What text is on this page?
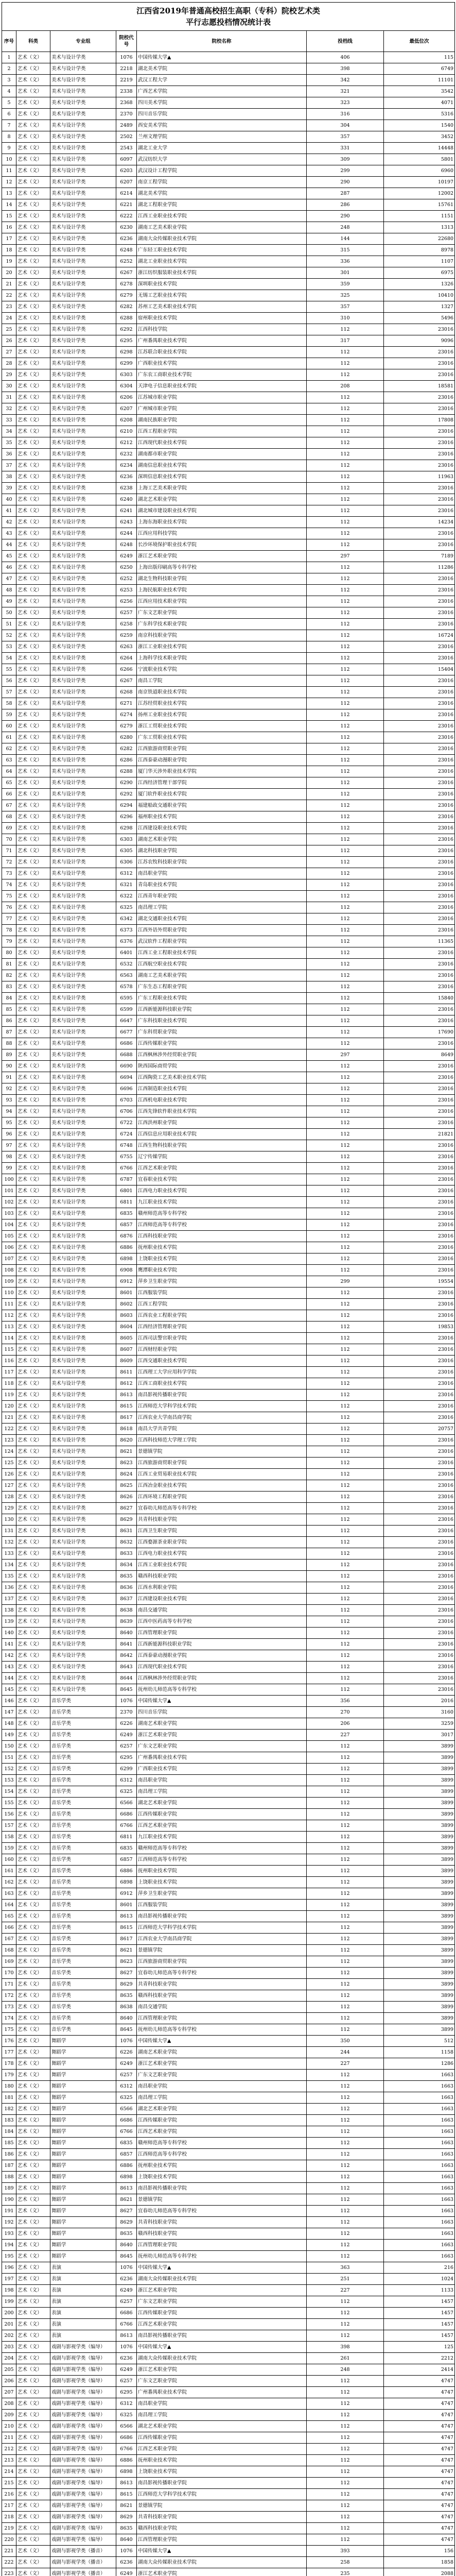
江西省2019年普通高校招生高职（专科）院校艺术类
平行志愿投档情况统计表						

序号	科类	专业组	院校代号	院校名称	投档线	最低位次
1	艺术（文）	美术与设计学类	1076	中国传媒大学▲	406	115
2	艺术（文）	美术与设计学类	2218	湖北美术学院	398	6749
3	艺术（文）	美术与设计学类	2219	武汉工程大学	342	11101
4	艺术（文）	美术与设计学类	2338	广西艺术学院	321	3542
5	艺术（文）	美术与设计学类	2368	四川美术学院	323	4071
6	艺术（文）	美术与设计学类	2370	四川音乐学院	316	5316
7	艺术（文）	美术与设计学类	2489	西安美术学院	304	1540
8	艺术（文）	美术与设计学类	2502	兰州文理学院	357	3452
9	艺术（文）	美术与设计学类	2543	湖北工业大学	331	14448
10	艺术（文）	美术与设计学类	6097	武汉纺织大学	309	5801
11	艺术（文）	美术与设计学类	6203	武汉设计工程学院	299	6960
12	艺术（文）	美术与设计学类	6207	南京工程学院	290	10197
13	艺术（文）	美术与设计学类	6214	湖北美术学院	287	12002
14	艺术（文）	美术与设计学类	6221	湖北工程职业学院	286	15761
15	艺术（文）	美术与设计学类	6222	江西工业职业技术学院	290	1151
16	艺术（文）	美术与设计学类	6230	湖南工艺美术职业学院	248	1313
17	艺术（文）	美术与设计学类	6236	湖南大众传媒职业技术学院	144	22680
18	艺术（文）	美术与设计学类	6248	广东轻工职业技术学院	315	8978
19	艺术（文）	美术与设计学类	6252	湖北工业职业技术学院	336	1107
20	艺术（文）	美术与设计学类	6267	浙江纺织服装职业技术学院	301	6975
21	艺术（文）	美术与设计学类	6278	深圳职业技术学院	359	1326
22	艺术（文）	美术与设计学类	6279	无锡工艺职业技术学院	325	10410
23	艺术（文）	美术与设计学类	6282	苏州工艺美术职业技术学院	357	1327
24	艺术（文）	美术与设计学类	6288	宿州职业技术学院	310	5496
25	艺术（文）	美术与设计学类	6292	江西科技学院	112	23016
26	艺术（文）	美术与设计学类	6295	广州番禺职业技术学院	317	9096
27	艺术（文）	美术与设计学类	6298	江苏联合职业技术学院	112	23016
28	艺术（文）	美术与设计学类	6299	广西职业技术学院	112	23016
29	艺术（文）	美术与设计学类	6303	广东农工商职业技术学院	112	23016
30	艺术（文）	美术与设计学类	6304	天津电子信息职业技术学院	208	18581
31	艺术（文）	美术与设计学类	6206	江苏城市职业学院	112	23016
32	艺术（文）	美术与设计学类	6207	广州城市职业学院	112	23016
33	艺术（文）	美术与设计学类	6208	湖南民族职业学院	112	17808
34	艺术（文）	美术与设计学类	6210	江西工程职业学院	112	23016
35	艺术（文）	美术与设计学类	6212	江西现代职业技术学院	112	23016
36	艺术（文）	美术与设计学类	6232	湖南都市职业学院	112	23016
37	艺术（文）	美术与设计学类	6234	湖南信息职业技术学院	112	23016
38	艺术（文）	美术与设计学类	6236	深圳信息职业技术学院	112	11963
39	艺术（文）	美术与设计学类	6238	上海工艺美术职业学院	112	23016
40	艺术（文）	美术与设计学类	6240	湖北艺术职业学院	112	23016
41	艺术（文）	美术与设计学类	6241	湖北城市建设职业技术学院	112	23016
42	艺术（文）	美术与设计学类	6243	上海东海职业技术学院	112	14234
43	艺术（文）	美术与设计学类	6244	江西应用科技学院	112	23016
44	艺术（文）	美术与设计学类	6248	长沙环境保护职业技术学院	112	23016
45	艺术（文）	美术与设计学类	6249	浙江艺术职业学院	297	7189
46	艺术（文）	美术与设计学类	6250	上海出版印刷高等专科学校	112	11286
47	艺术（文）	美术与设计学类	6252	湖北生物科技职业学院	112	23016
48	艺术（文）	美术与设计学类	6253	上海民航职业技术学院	112	23016
49	艺术（文）	美术与设计学类	6256	江西应用技术职业学院	112	23016
50	艺术（文）	美术与设计学类	6257	广东文艺职业学院	112	23016
51	艺术（文）	美术与设计学类	6258	广东科学技术职业学院	112	23016
52	艺术（文）	美术与设计学类	6259	南京科技职业学院	112	16724
53	艺术（文）	美术与设计学类	6263	浙江工业职业技术学院	112	23016
54	艺术（文）	美术与设计学类	6264	上海科学技术职业学院	112	23016
55	艺术（文）	美术与设计学类	6266	宁波职业技术学院	112	15404
56	艺术（文）	美术与设计学类	6267	南昌工学院	112	23016
57	艺术（文）	美术与设计学类	6268	南京铁道职业技术学院	112	23016
58	艺术（文）	美术与设计学类	6271	江苏经贸职业技术学院	112	23016
59	艺术（文）	美术与设计学类	6274	扬州工业职业技术学院	112	23016
60	艺术（文）	美术与设计学类	6279	浙江工贸职业技术学院	112	23016
61	艺术（文）	美术与设计学类	6280	广东工贸职业技术学院	112	23016
62	艺术（文）	美术与设计学类	6282	江西旅游商贸职业学院	112	23016
63	艺术（文）	美术与设计学类	6286	江西泰豪动漫职业学院	112	23016
64	艺术（文）	美术与设计学类	6288	厦门华天涉外职业技术学院	112	23016
65	艺术（文）	美术与设计学类	6290	江西经济管理干部学院	112	23016
66	艺术（文）	美术与设计学类	6292	厦门软件职业技术学院	112	23016
67	艺术（文）	美术与设计学类	6294	福建船政交通职业学院	112	23016
68	艺术（文）	美术与设计学类	6296	福州职业技术学院	112	23016
69	艺术（文）	美术与设计学类	6298	江西建设职业技术学院	112	23016
70	艺术（文）	美术与设计学类	6303	湖南艺术职业学院	112	23016
71	艺术（文）	美术与设计学类	6305	湖北科技职业学院	112	23016
72	艺术（文）	美术与设计学类	6306	江苏农牧科技职业学院	112	23016
73	艺术（文）	美术与设计学类	6312	南昌职业学院	112	23016
74	艺术（文）	美术与设计学类	6321	青岛职业技术学院	112	23016
75	艺术（文）	美术与设计学类	6322	江西青年职业学院	112	23016
76	艺术（文）	美术与设计学类	6325	南昌理工学院	112	23016
77	艺术（文）	美术与设计学类	6342	湖北交通职业技术学院	112	23016
78	艺术（文）	美术与设计学类	6373	江西外语外贸职业学院	112	23016
79	艺术（文）	美术与设计学类	6376	武汉软件工程职业学院	112	11365
80	艺术（文）	美术与设计学类	6401	江西工业工程职业技术学院	112	23016
81	艺术（文）	美术与设计学类	6532	江西航空职业技术学院	112	23016
82	艺术（文）	美术与设计学类	6563	湖南工艺美术职业学院	112	23016
83	艺术（文）	美术与设计学类	6578	广东生态工程职业学院	112	23016
84	艺术（文）	美术与设计学类	6595	广东工程职业技术学院	112	15840
85	艺术（文）	美术与设计学类	6599	江西新能源科技职业学院	112	23016
86	艺术（文）	美术与设计学类	6647	广东科技职业技术学院	112	23016
87	艺术（文）	美术与设计学类	6677	广东科贸职业学院	112	17690
88	艺术（文）	美术与设计学类	6686	江西传媒职业学院	112	23016
89	艺术（文）	美术与设计学类	6688	江西枫林涉外经贸职业学院	297	8649
90	艺术（文）	美术与设计学类	6690	陕西国际商贸学院	112	23016
91	艺术（文）	美术与设计学类	6694	江西陶瓷工艺美术职业技术学院	112	23016
92	艺术（文）	美术与设计学类	6696	江西制造职业技术学院	112	23016
93	艺术（文）	美术与设计学类	6703	江西机电职业技术学院	112	23016
94	艺术（文）	美术与设计学类	6706	江西先锋软件职业技术学院	112	23016
95	艺术（文）	美术与设计学类	6722	江西洪州职业学院	112	23016
96	艺术（文）	美术与设计学类	6724	江西信息应用职业技术学院	112	21821
97	艺术（文）	美术与设计学类	6748	江西生物科技职业学院	112	23016
98	艺术（文）	美术与设计学类	6755	辽宁传媒学院	112	23016
99	艺术（文）	美术与设计学类	6766	江西艺术职业学院	112	23016
100	艺术（文）	美术与设计学类	6787	宜春职业技术学院	112	23016
101	艺术（文）	美术与设计学类	6801	江西电力职业技术学院	112	23016
102	艺术（文）	美术与设计学类	6811	九江职业技术学院	112	23016
103	艺术（文）	美术与设计学类	6835	赣州师范高等专科学校	112	23016
104	艺术（文）	美术与设计学类	6857	江西师范高等专科学校	112	23016
105	艺术（文）	美术与设计学类	6876	江西科技职业学院	112	23016
106	艺术（文）	美术与设计学类	6886	抚州职业技术学院	112	23016
107	艺术（文）	美术与设计学类	6898	上饶职业技术学院	112	23016
108	艺术（文）	美术与设计学类	6908	鹰潭职业技术学院	112	23016
109	艺术（文）	美术与设计学类	6912	萍乡卫生职业学院	299	19554
110	艺术（文）	美术与设计学类	8601	江西服装学院	112	23016
111	艺术（文）	美术与设计学类	8602	江西工程学院	112	23016
112	艺术（文）	美术与设计学类	8603	江西农业工程职业学院	112	23016
113	艺术（文）	美术与设计学类	8604	江西经济管理职业学院	112	19853
114	艺术（文）	美术与设计学类	8605	江西司法警官职业学院	112	23016
115	艺术（文）	美术与设计学类	8607	江西财经职业学院	112	23016
116	艺术（文）	美术与设计学类	8609	江西交通职业技术学院	112	23016
117	艺术（文）	美术与设计学类	8611	江西理工大学应用科学学院	112	23016
118	艺术（文）	美术与设计学类	8612	江西工商职业技术学院	112	23016
119	艺术（文）	美术与设计学类	8613	南昌影视传播职业学院	112	23016
120	艺术（文）	美术与设计学类	8615	江西师范大学科学技术学院	112	23016
121	艺术（文）	美术与设计学类	8617	江西农业大学南昌商学院	112	23016
122	艺术（文）	美术与设计学类	8618	南昌大学共青学院	112	20757
123	艺术（文）	美术与设计学类	8620	江西科技师范大学理工学院	112	23016
124	艺术（文）	美术与设计学类	8621	景德镇学院	112	23016
125	艺术（文）	美术与设计学类	8623	江西旅游商贸职业学院	112	23016
126	艺术（文）	美术与设计学类	8624	江西工业贸易职业技术学院	112	23016
127	艺术（文）	美术与设计学类	8625	江西冶金职业技术学院	112	23016
128	艺术（文）	美术与设计学类	8626	江西环境工程职业学院	112	23016
129	艺术（文）	美术与设计学类	8627	宜春幼儿师范高等专科学校	112	23016
130	艺术（文）	美术与设计学类	8629	共青科技职业学院	112	23016
131	艺术（文）	美术与设计学类	8631	江西卫生职业学院	112	23016
132	艺术（文）	美术与设计学类	8632	江西婺源茶业职业学院	112	23016
133	艺术（文）	美术与设计学类	8633	江西电力职业技术学院	112	23016
134	艺术（文）	美术与设计学类	8634	江西工业职业技术学院	112	23016
135	艺术（文）	美术与设计学类	8635	赣西科技职业学院	112	23016
136	艺术（文）	美术与设计学类	8636	江西水利职业学院	112	23016
137	艺术（文）	美术与设计学类	8637	江西建设职业技术学院	112	23016
138	艺术（文）	美术与设计学类	8638	南昌交通学院	112	23016
139	艺术（文）	美术与设计学类	8639	江西中医药高等专科学校	112	23016
140	艺术（文）	美术与设计学类	8640	江西管理职业学院	112	23016
141	艺术（文）	美术与设计学类	8641	江西新能源科技职业学院	112	23016
142	艺术（文）	美术与设计学类	8642	江西泰豪动漫职业学院	112	23016
143	艺术（文）	美术与设计学类	8643	江西现代职业技术学院	112	23016
144	艺术（文）	美术与设计学类	8644	江西枫林涉外经贸职业学院	112	23016
145	艺术（文）	美术与设计学类	8645	抚州幼儿师范高等专科学校	112	23016
146	艺术（文）	音乐学类	1076	中国传媒大学▲	356	2016
147	艺术（文）	音乐学类	2370	四川音乐学院	270	3160
148	艺术（文）	音乐学类	6226	湖南艺术职业学院	206	3259
149	艺术（文）	音乐学类	6249	浙江艺术职业学院	227	3017
150	艺术（文）	音乐学类	6257	广东文艺职业学院	112	3899
151	艺术（文）	音乐学类	6295	广州番禺职业技术学院	112	3899
152	艺术（文）	音乐学类	6299	广西职业技术学院	112	3899
153	艺术（文）	音乐学类	6312	南昌职业学院	112	3899
154	艺术（文）	音乐学类	6325	南昌理工学院	112	3899
155	艺术（文）	音乐学类	6566	湖北艺术职业学院	112	3899
156	艺术（文）	音乐学类	6686	江西传媒职业学院	112	3899
157	艺术（文）	音乐学类	6766	江西艺术职业学院	112	3899
158	艺术（文）	音乐学类	6811	九江职业技术学院	112	3899
159	艺术（文）	音乐学类	6835	赣州师范高等专科学校	112	3899
160	艺术（文）	音乐学类	6857	江西师范高等专科学校	112	3899
161	艺术（文）	音乐学类	6886	抚州职业技术学院	112	3899
162	艺术（文）	音乐学类	6898	上饶职业技术学院	112	3899
163	艺术（文）	音乐学类	6912	萍乡卫生职业学院	112	3899
164	艺术（文）	音乐学类	8601	江西服装学院	112	3899
165	艺术（文）	音乐学类	8613	南昌影视传播职业学院	112	3899
166	艺术（文）	音乐学类	8615	江西师范大学科学技术学院	112	3899
167	艺术（文）	音乐学类	8617	江西农业大学南昌商学院	112	3899
168	艺术（文）	音乐学类	8621	景德镇学院	112	3899
169	艺术（文）	音乐学类	8623	江西旅游商贸职业学院	112	3899
170	艺术（文）	音乐学类	8627	宜春幼儿师范高等专科学校	112	3899
171	艺术（文）	音乐学类	8629	共青科技职业学院	112	3899
172	艺术（文）	音乐学类	8635	赣西科技职业学院	112	3899
173	艺术（文）	音乐学类	8638	南昌交通学院	112	3899
174	艺术（文）	音乐学类	8640	江西管理职业学院	112	3899
175	艺术（文）	音乐学类	8645	抚州幼儿师范高等专科学校	112	3899
176	艺术（文）	舞蹈学	1076	中国传媒大学▲	350	512
177	艺术（文）	舞蹈学	6226	湖南艺术职业学院	244	1158
178	艺术（文）	舞蹈学	6249	浙江艺术职业学院	227	1286
179	艺术（文）	舞蹈学	6257	广东文艺职业学院	112	1663
180	艺术（文）	舞蹈学	6312	南昌职业学院	112	1663
181	艺术（文）	舞蹈学	6325	南昌理工学院	112	1663
182	艺术（文）	舞蹈学	6566	湖北艺术职业学院	112	1663
183	艺术（文）	舞蹈学	6686	江西传媒职业学院	112	1663
184	艺术（文）	舞蹈学	6766	江西艺术职业学院	112	1663
185	艺术（文）	舞蹈学	6835	赣州师范高等专科学校	112	1663
186	艺术（文）	舞蹈学	6857	江西师范高等专科学校	112	1663
187	艺术（文）	舞蹈学	6886	抚州职业技术学院	112	1663
188	艺术（文）	舞蹈学	6898	上饶职业技术学院	112	1663
189	艺术（文）	舞蹈学	8613	南昌影视传播职业学院	112	1663
190	艺术（文）	舞蹈学	8621	景德镇学院	112	1663
191	艺术（文）	舞蹈学	8627	宜春幼儿师范高等专科学校	112	1663
192	艺术（文）	舞蹈学	8629	共青科技职业学院	112	1663
193	艺术（文）	舞蹈学	8635	赣西科技职业学院	112	1663
194	艺术（文）	舞蹈学	8640	江西管理职业学院	112	1663
195	艺术（文）	舞蹈学	8645	抚州幼儿师范高等专科学校	112	1663
196	艺术（文）	表演	1076	中国传媒大学▲	363	216
197	艺术（文）	表演	6236	湖南大众传媒职业技术学院	251	1024
198	艺术（文）	表演	6249	浙江艺术职业学院	227	1133
199	艺术（文）	表演	6257	广东文艺职业学院	112	1457
200	艺术（文）	表演	6686	江西传媒职业学院	112	1457
201	艺术（文）	表演	6766	江西艺术职业学院	112	1457
202	艺术（文）	表演	8613	南昌影视传播职业学院	112	1457
203	艺术（文）	戏剧与影视学类（编导）	1076	中国传媒大学▲	398	125
204	艺术（文）	戏剧与影视学类（编导）	6236	湖南大众传媒职业技术学院	261	2212
205	艺术（文）	戏剧与影视学类（编导）	6249	浙江艺术职业学院	248	2414
206	艺术（文）	戏剧与影视学类（编导）	6257	广东文艺职业学院	112	4747
207	艺术（文）	戏剧与影视学类（编导）	6295	广州番禺职业技术学院	112	4747
208	艺术（文）	戏剧与影视学类（编导）	6312	南昌职业学院	112	4747
209	艺术（文）	戏剧与影视学类（编导）	6325	南昌理工学院	112	4747
210	艺术（文）	戏剧与影视学类（编导）	6566	湖北艺术职业学院	112	4747
211	艺术（文）	戏剧与影视学类（编导）	6686	江西传媒职业学院	112	4747
212	艺术（文）	戏剧与影视学类（编导）	6766	江西艺术职业学院	112	4747
213	艺术（文）	戏剧与影视学类（编导）	6886	抚州职业技术学院	112	4747
214	艺术（文）	戏剧与影视学类（编导）	6898	上饶职业技术学院	112	4747
215	艺术（文）	戏剧与影视学类（编导）	8613	南昌影视传播职业学院	112	4747
216	艺术（文）	戏剧与影视学类（编导）	8615	江西师范大学科学技术学院	112	4747
217	艺术（文）	戏剧与影视学类（编导）	8621	景德镇学院	112	4747
218	艺术（文）	戏剧与影视学类（编导）	8629	共青科技职业学院	112	4747
219	艺术（文）	戏剧与影视学类（编导）	8635	赣西科技职业学院	112	4747
220	艺术（文）	戏剧与影视学类（编导）	8640	江西管理职业学院	112	4747
221	艺术（文）	戏剧与影视学类（播音）	1076	中国传媒大学▲	393	156
222	艺术（文）	戏剧与影视学类（播音）	6236	湖南大众传媒职业技术学院	258	1858
223	艺术（文）	戏剧与影视学类（播音）	6249	浙江艺术职业学院	235	2088
